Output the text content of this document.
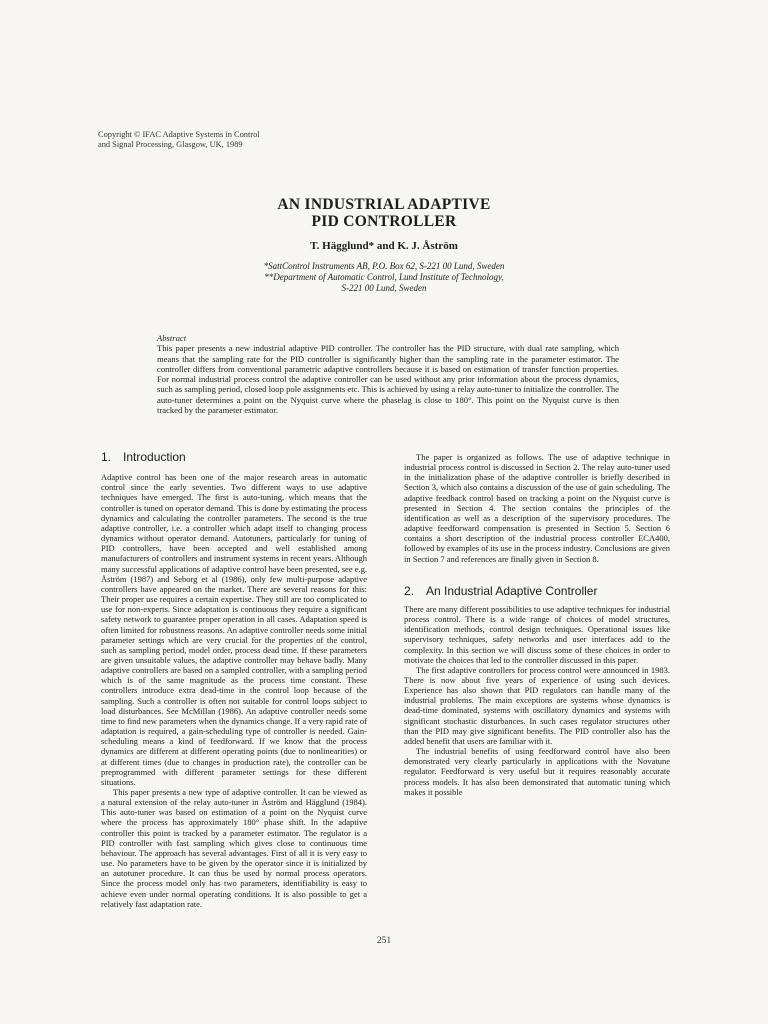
Copyright © IFAC Adaptive Systems in Control
and Signal Processing, Glasgow, UK, 1989
AN INDUSTRIAL ADAPTIVE
PID CONTROLLER
T. Hägglund* and K. J. Åström
*SattControl Instruments AB, P.O. Box 62, S-221 00 Lund, Sweden
**Department of Automatic Control, Lund Institute of Technology,
S-221 00 Lund, Sweden
Abstract
This paper presents a new industrial adaptive PID controller. The controller has the PID structure, with dual rate sampling, which means that the sampling rate for the PID controller is significantly higher than the sampling rate in the parameter estimator. The controller differs from conventional parametric adaptive controllers because it is based on estimation of transfer function properties. For normal industrial process control the adaptive controller can be used without any prior information about the process dynamics, such as sampling period, closed loop pole assignments etc. This is achieved by using a relay auto-tuner to initialize the controller. The auto-tuner determines a point on the Nyquist curve where the phaselag is close to 180°. This point on the Nyquist curve is then tracked by the parameter estimator.
1. Introduction

Adaptive control has been one of the major research areas in automatic control since the early seventies. Two different ways to use adaptive techniques have emerged. The first is auto-tuning, which means that the controller is tuned on operator demand. This is done by estimating the process dynamics and calculating the controller parameters. The second is the true adaptive controller, i.e. a controller which adapt itself to changing process dynamics without operator demand. Autotuners, particularly for tuning of PID controllers, have been accepted and well established among manufacturers of controllers and instrument systems in recent years. Although many successful applications of adaptive control have been presented, see e.g. Åström (1987) and Seborg et al (1986), only few multi-purpose adaptive controllers have appeared on the market. There are several reasons for this: Their proper use requires a certain expertise. They still are too complicated to use for non-experts. Since adaptation is continuous they require a significant safety network to guarantee proper operation in all cases. Adaptation speed is often limited for robustness reasons. An adaptive controller needs some initial parameter settings which are very crucial for the properties of the control, such as sampling period, model order, process dead time. If these parameters are given unsuitable values, the adaptive controller may behave badly. Many adaptive controllers are based on a sampled controller, with a sampling period which is of the same magnitude as the process time constant. These controllers introduce extra dead-time in the control loop because of the sampling. Such a controller is often not suitable for control loops subject to load disturbances. See McMillan (1986). An adaptive controller needs some time to find new parameters when the dynamics change. If a very rapid rate of adaptation is required, a gain-scheduling type of controller is needed. Gain-scheduling means a kind of feedforward. If we know that the process dynamics are different at different operating points (due to nonlinearities) or at different times (due to changes in production rate), the controller can be preprogrammed with different parameter settings for these different situations.

This paper presents a new type of adaptive controller. It can be viewed as a natural extension of the relay auto-tuner in Åström and Hägglund (1984). This auto-tuner was based on estimation of a point on the Nyquist curve where the process has approximately 180° phase shift. In the adaptive controller this point is tracked by a parameter estimator. The regulator is a PID controller with fast sampling which gives close to continuous time behaviour. The approach has several advantages. First of all it is very easy to use. No parameters have to be given by the operator since it is initialized by an autotuner procedure. It can thus be used by normal process operators. Since the process model only has two parameters, identifiability is easy to achieve even under normal operating conditions. It is also possible to get a relatively fast adaptation rate.

The paper is organized as follows. The use of adaptive technique in industrial process control is discussed in Section 2. The relay auto-tuner used in the initialization phase of the adaptive controller is briefly described in Section 3, which also contains a discussion of the use of gain scheduling. The adaptive feedback control based on tracking a point on the Nyquist curve is presented in Section 4. The section contains the principles of the identification as well as a description of the supervisory procedures. The adaptive feedforward compensation is presented in Section 5. Section 6 contains a short description of the industrial process controller ECA400, followed by examples of its use in the process industry. Conclusions are given in Section 7 and references are finally given in Section 8.

2. An Industrial Adaptive Controller

There are many different possibilities to use adaptive techniques for industrial process control. There is a wide range of choices of model structures, identification methods, control design techniques. Operational issues like supervisory techniques, safety networks and user interfaces add to the complexity. In this section we will discuss some of these choices in order to motivate the choices that led to the controller discussed in this paper.

The first adaptive controllers for process control were announced in 1983. There is now about five years of experience of using such devices. Experience has also shown that PID regulators can handle many of the industrial problems. The main exceptions are systems whose dynamics is dead-time dominated, systems with oscillatory dynamics and systems with significant stochastic disturbances. In such cases regulator structures other than the PID may give significant benefits. The PID controller also has the added benefit that users are familiar with it.

The industrial benefits of using feedforward control have also been demonstrated very clearly particularly in applications with the Novatune regulator. Feedforward is very useful but it requires reasonably accurate process models. It has also been demonstrated that automatic tuning which makes it possible

251
